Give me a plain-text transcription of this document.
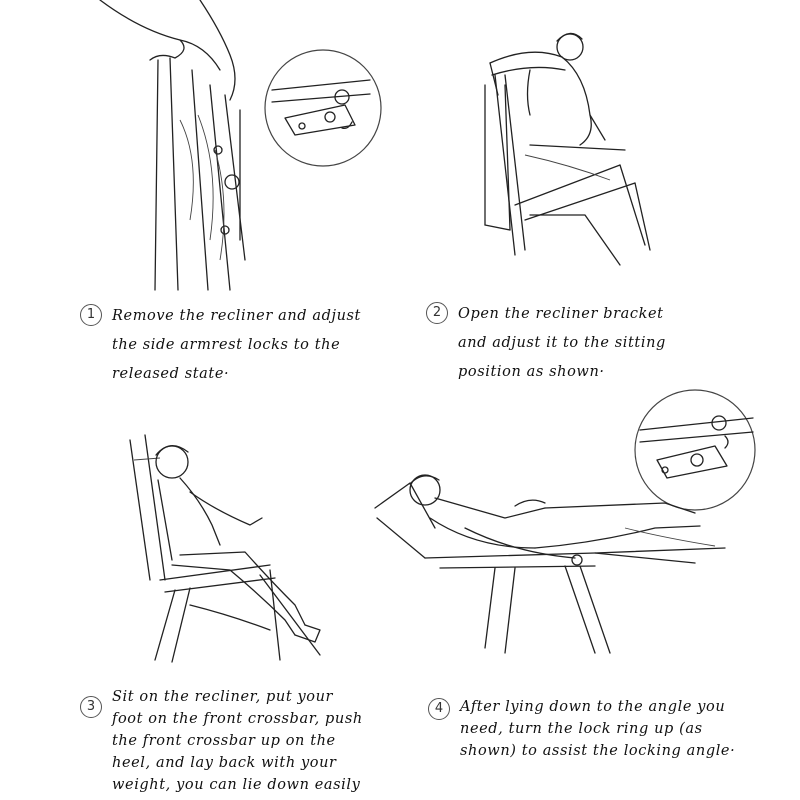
1	Remove the recliner and adjust
the side armrest locks to the
released state·
2	Open the recliner bracket
and adjust it to the sitting
position as shown·
3
Sit on the recliner, put your
foot on the front crossbar, push
the front crossbar up on the
heel, and lay back with your
weight, you can lie down easily
4	After lying down to the angle you
need, turn the lock ring up (as
shown) to assist the locking angle·
